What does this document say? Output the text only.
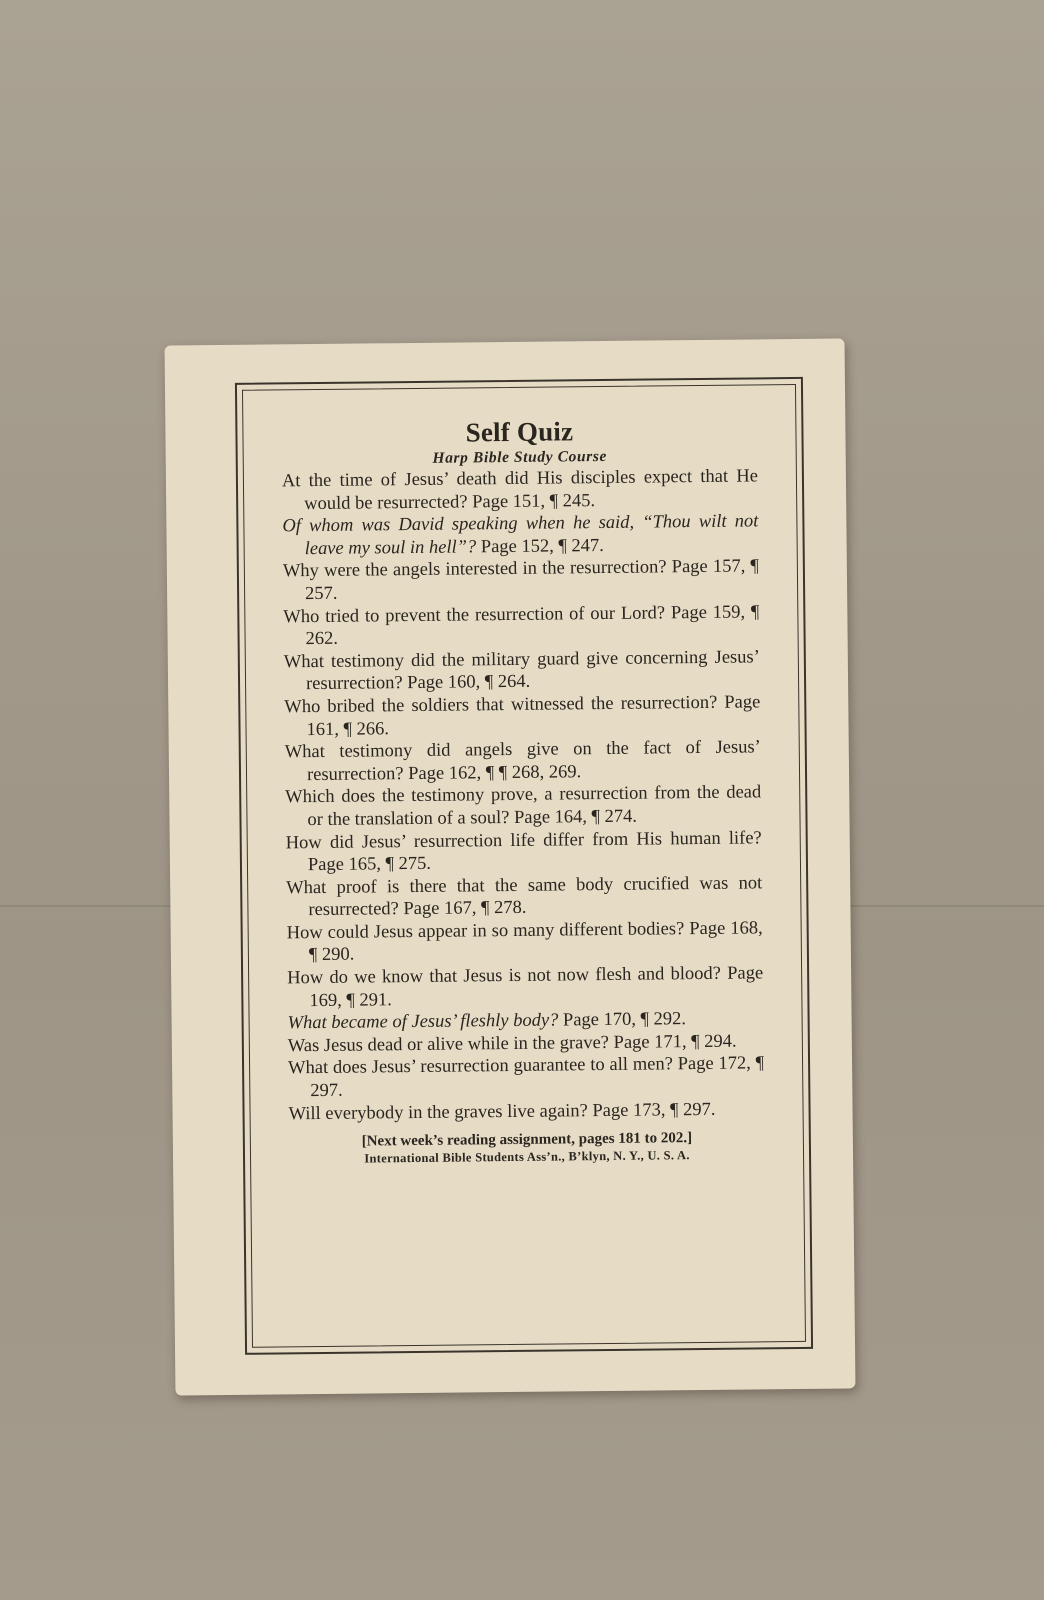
Self Quiz
Harp Bible Study Course
At the time of Jesus’ death did His disciples expect that He would be resurrected? Page 151, ¶ 245.
Of whom was David speaking when he said, “Thou wilt not leave my soul in hell”? Page 152, ¶ 247.
Why were the angels interested in the resurrection? Page 157, ¶ 257.
Who tried to prevent the resurrection of our Lord? Page 159, ¶ 262.
What testimony did the military guard give concerning Jesus’ resurrection? Page 160, ¶ 264.
Who bribed the soldiers that witnessed the resurrection? Page 161, ¶ 266.
What testimony did angels give on the fact of Jesus’ resurrection? Page 162, ¶ ¶ 268, 269.
Which does the testimony prove, a resurrection from the dead or the translation of a soul? Page 164, ¶ 274.
How did Jesus’ resurrection life differ from His human life? Page 165, ¶ 275.
What proof is there that the same body crucified was not resurrected? Page 167, ¶ 278.
How could Jesus appear in so many different bodies? Page 168, ¶ 290.
How do we know that Jesus is not now flesh and blood? Page 169, ¶ 291.
What became of Jesus’ fleshly body? Page 170, ¶ 292.
Was Jesus dead or alive while in the grave? Page 171, ¶ 294.
What does Jesus’ resurrection guarantee to all men? Page 172, ¶ 297.
Will everybody in the graves live again? Page 173, ¶ 297.
[Next week’s reading assignment, pages 181 to 202.]
International Bible Students Ass’n., B’klyn, N. Y., U. S. A.
